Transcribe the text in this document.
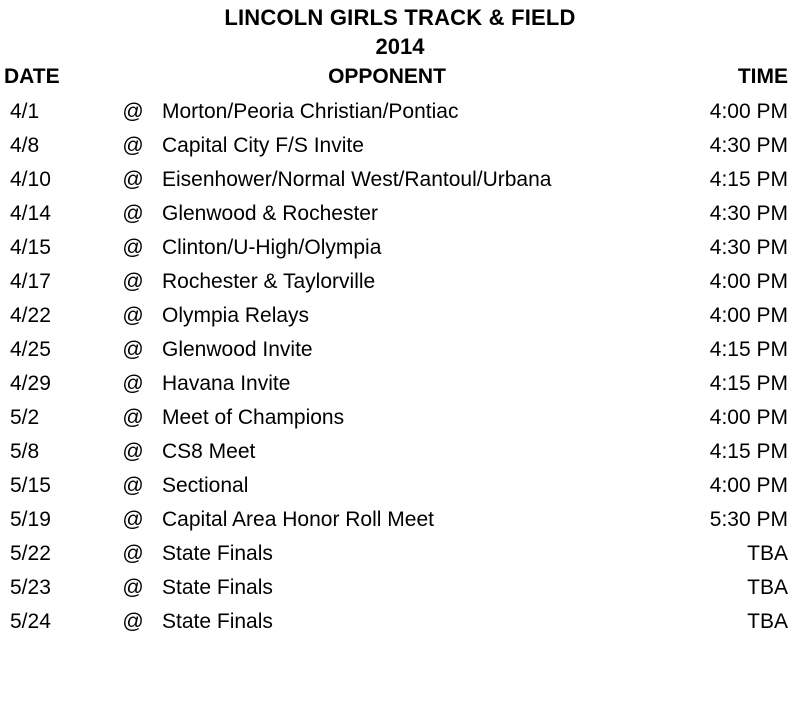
LINCOLN GIRLS TRACK & FIELD
2014
DATE	OPPONENT		TIME
4/1	@	Morton/Peoria Christian/Pontiac	4:00 PM
4/8	@	Capital City F/S Invite	4:30 PM
4/10	@	Eisenhower/Normal West/Rantoul/Urbana	4:15 PM
4/14	@	Glenwood & Rochester	4:30 PM
4/15	@	Clinton/U-High/Olympia	4:30 PM
4/17	@	Rochester & Taylorville	4:00 PM
4/22	@	Olympia Relays	4:00 PM
4/25	@	Glenwood Invite	4:15 PM
4/29	@	Havana Invite	4:15 PM
5/2	@	Meet of Champions	4:00 PM
5/8	@	CS8 Meet	4:15 PM
5/15	@	Sectional	4:00 PM
5/19	@	Capital Area Honor Roll Meet	5:30 PM
5/22	@	State Finals	TBA
5/23	@	State Finals	TBA
5/24	@	State Finals	TBA
